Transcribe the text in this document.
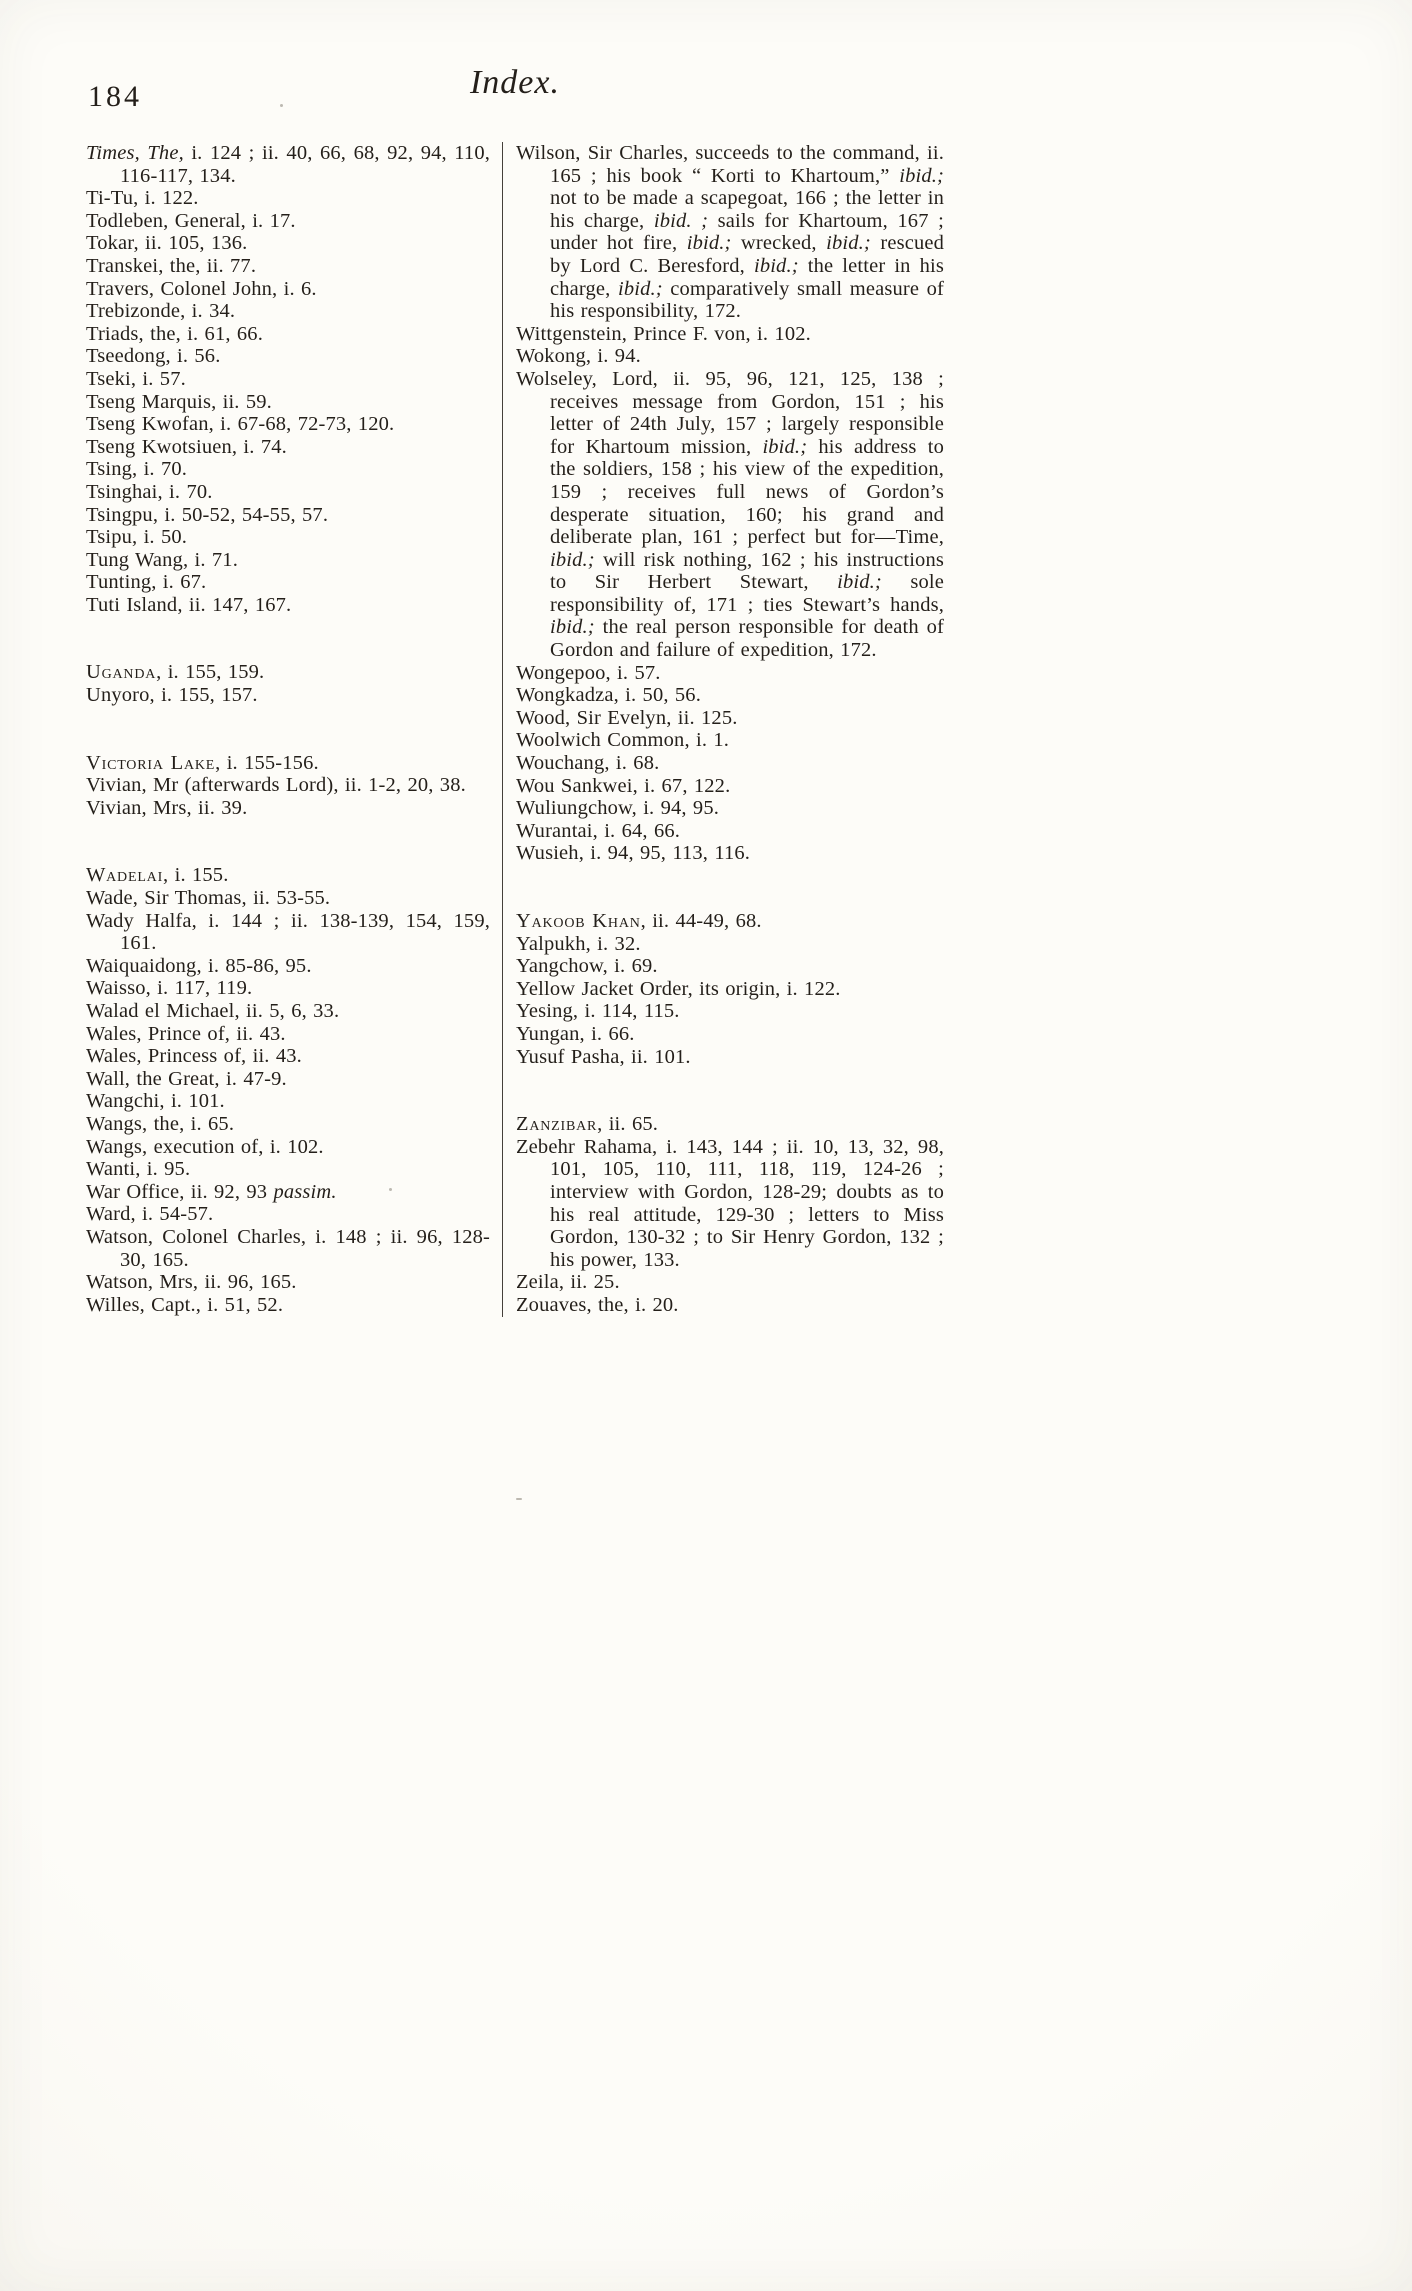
184	Index.

Times, The, i. 124 ; ii. 40, 66, 68, 92, 94, 110, 116-117, 134.

Ti-Tu, i. 122.

Todleben, General, i. 17.

Tokar, ii. 105, 136.

Transkei, the, ii. 77.

Travers, Colonel John, i. 6.

Trebizonde, i. 34.

Triads, the, i. 61, 66.

Tseedong, i. 56.

Tseki, i. 57.

Tseng Marquis, ii. 59.

Tseng Kwofan, i. 67-68, 72-73, 120.

Tseng Kwotsiuen, i. 74.

Tsing, i. 70.

Tsinghai, i. 70.

Tsingpu, i. 50-52, 54-55, 57.

Tsipu, i. 50.

Tung Wang, i. 71.

Tunting, i. 67.

Tuti Island, ii. 147, 167.

Uganda, i. 155, 159.

Unyoro, i. 155, 157.

Victoria Lake, i. 155-156.

Vivian, Mr (afterwards Lord), ii. 1-2, 20, 38.

Vivian, Mrs, ii. 39.

Wadelai, i. 155.

Wade, Sir Thomas, ii. 53-55.

Wady Halfa, i. 144 ; ii. 138-139, 154, 159, 161.

Waiquaidong, i. 85-86, 95.

Waisso, i. 117, 119.

Walad el Michael, ii. 5, 6, 33.

Wales, Prince of, ii. 43.

Wales, Princess of, ii. 43.

Wall, the Great, i. 47-9.

Wangchi, i. 101.

Wangs, the, i. 65.

Wangs, execution of, i. 102.

Wanti, i. 95.

War Office, ii. 92, 93 passim.

Ward, i. 54-57.

Watson, Colonel Charles, i. 148 ; ii. 96, 128-30, 165.

Watson, Mrs, ii. 96, 165.

Willes, Capt., i. 51, 52.

Wilson, Sir Charles, succeeds to the command, ii. 165 ; his book “ Korti to Khartoum,” ibid.; not to be made a scapegoat, 166 ; the letter in his charge, ibid. ; sails for Khartoum, 167 ; under hot fire, ibid.; wrecked, ibid.; rescued by Lord C. Beresford, ibid.; the letter in his charge, ibid.; comparatively small measure of his responsibility, 172.

Wittgenstein, Prince F. von, i. 102.

Wokong, i. 94.

Wolseley, Lord, ii. 95, 96, 121, 125, 138 ; receives message from Gordon, 151 ; his letter of 24th July, 157 ; largely responsible for Khartoum mission, ibid.; his address to the soldiers, 158 ; his view of the expedition, 159 ; receives full news of Gordon’s desperate situation, 160; his grand and deliberate plan, 161 ; perfect but for—Time, ibid.; will risk nothing, 162 ; his instructions to Sir Herbert Stewart, ibid.; sole responsibility of, 171 ; ties Stewart’s hands, ibid.; the real person responsible for death of Gordon and failure of expedition, 172.

Wongepoo, i. 57.

Wongkadza, i. 50, 56.

Wood, Sir Evelyn, ii. 125.

Woolwich Common, i. 1.

Wouchang, i. 68.

Wou Sankwei, i. 67, 122.

Wuliungchow, i. 94, 95.

Wurantai, i. 64, 66.

Wusieh, i. 94, 95, 113, 116.

Yakoob Khan, ii. 44-49, 68.

Yalpukh, i. 32.

Yangchow, i. 69.

Yellow Jacket Order, its origin, i. 122.

Yesing, i. 114, 115.

Yungan, i. 66.

Yusuf Pasha, ii. 101.

Zanzibar, ii. 65.

Zebehr Rahama, i. 143, 144 ; ii. 10, 13, 32, 98, 101, 105, 110, 111, 118, 119, 124-26 ; interview with Gordon, 128-29; doubts as to his real attitude, 129-30 ; letters to Miss Gordon, 130-32 ; to Sir Henry Gordon, 132 ; his power, 133.

Zeila, ii. 25.

Zouaves, the, i. 20.
